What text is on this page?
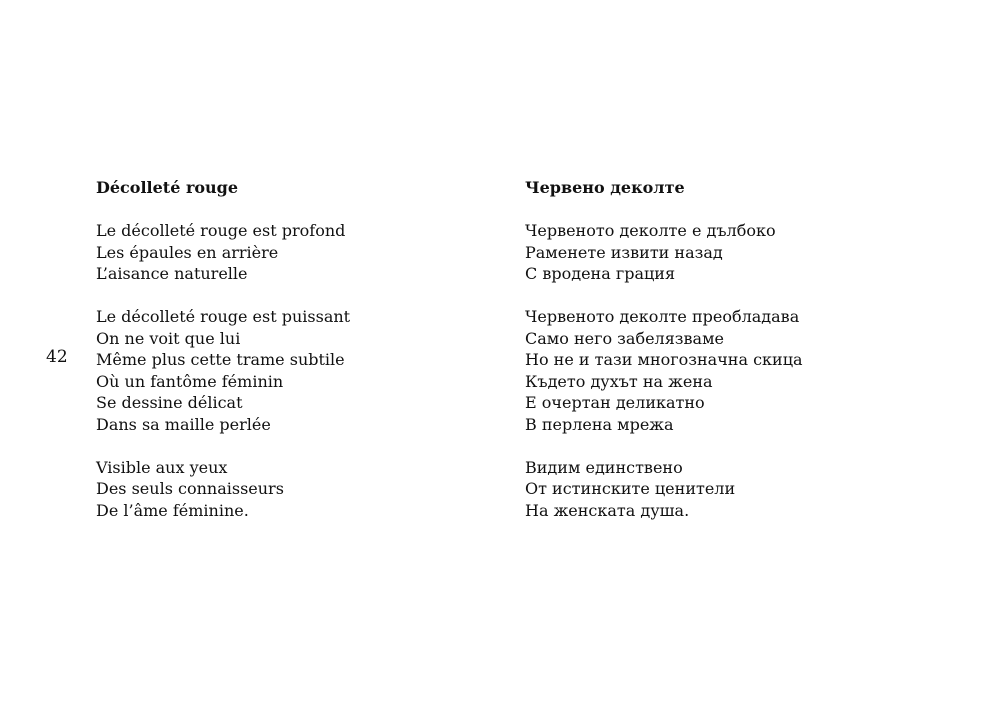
42
Décolleté rouge
Le décolleté rouge est profond
Les épaules en arrière
L’aisance naturelle
Le décolleté rouge est puissant
On ne voit que lui
Même plus cette trame subtile
Où un fantôme féminin
Se dessine délicat
Dans sa maille perlée
Visible aux yeux
Des seuls connaisseurs
De l’âme féminine.
Червено деколте
Червеното деколте е дълбоко
Раменете извити назад
С вродена грация
Червеното деколте преобладава
Само него забелязваме
Но не и тази многозначна скица
Където духът на жена
Е очертан деликатно
В перлена мрежа
Видим единствено
От истинските ценители
На женската душа.
